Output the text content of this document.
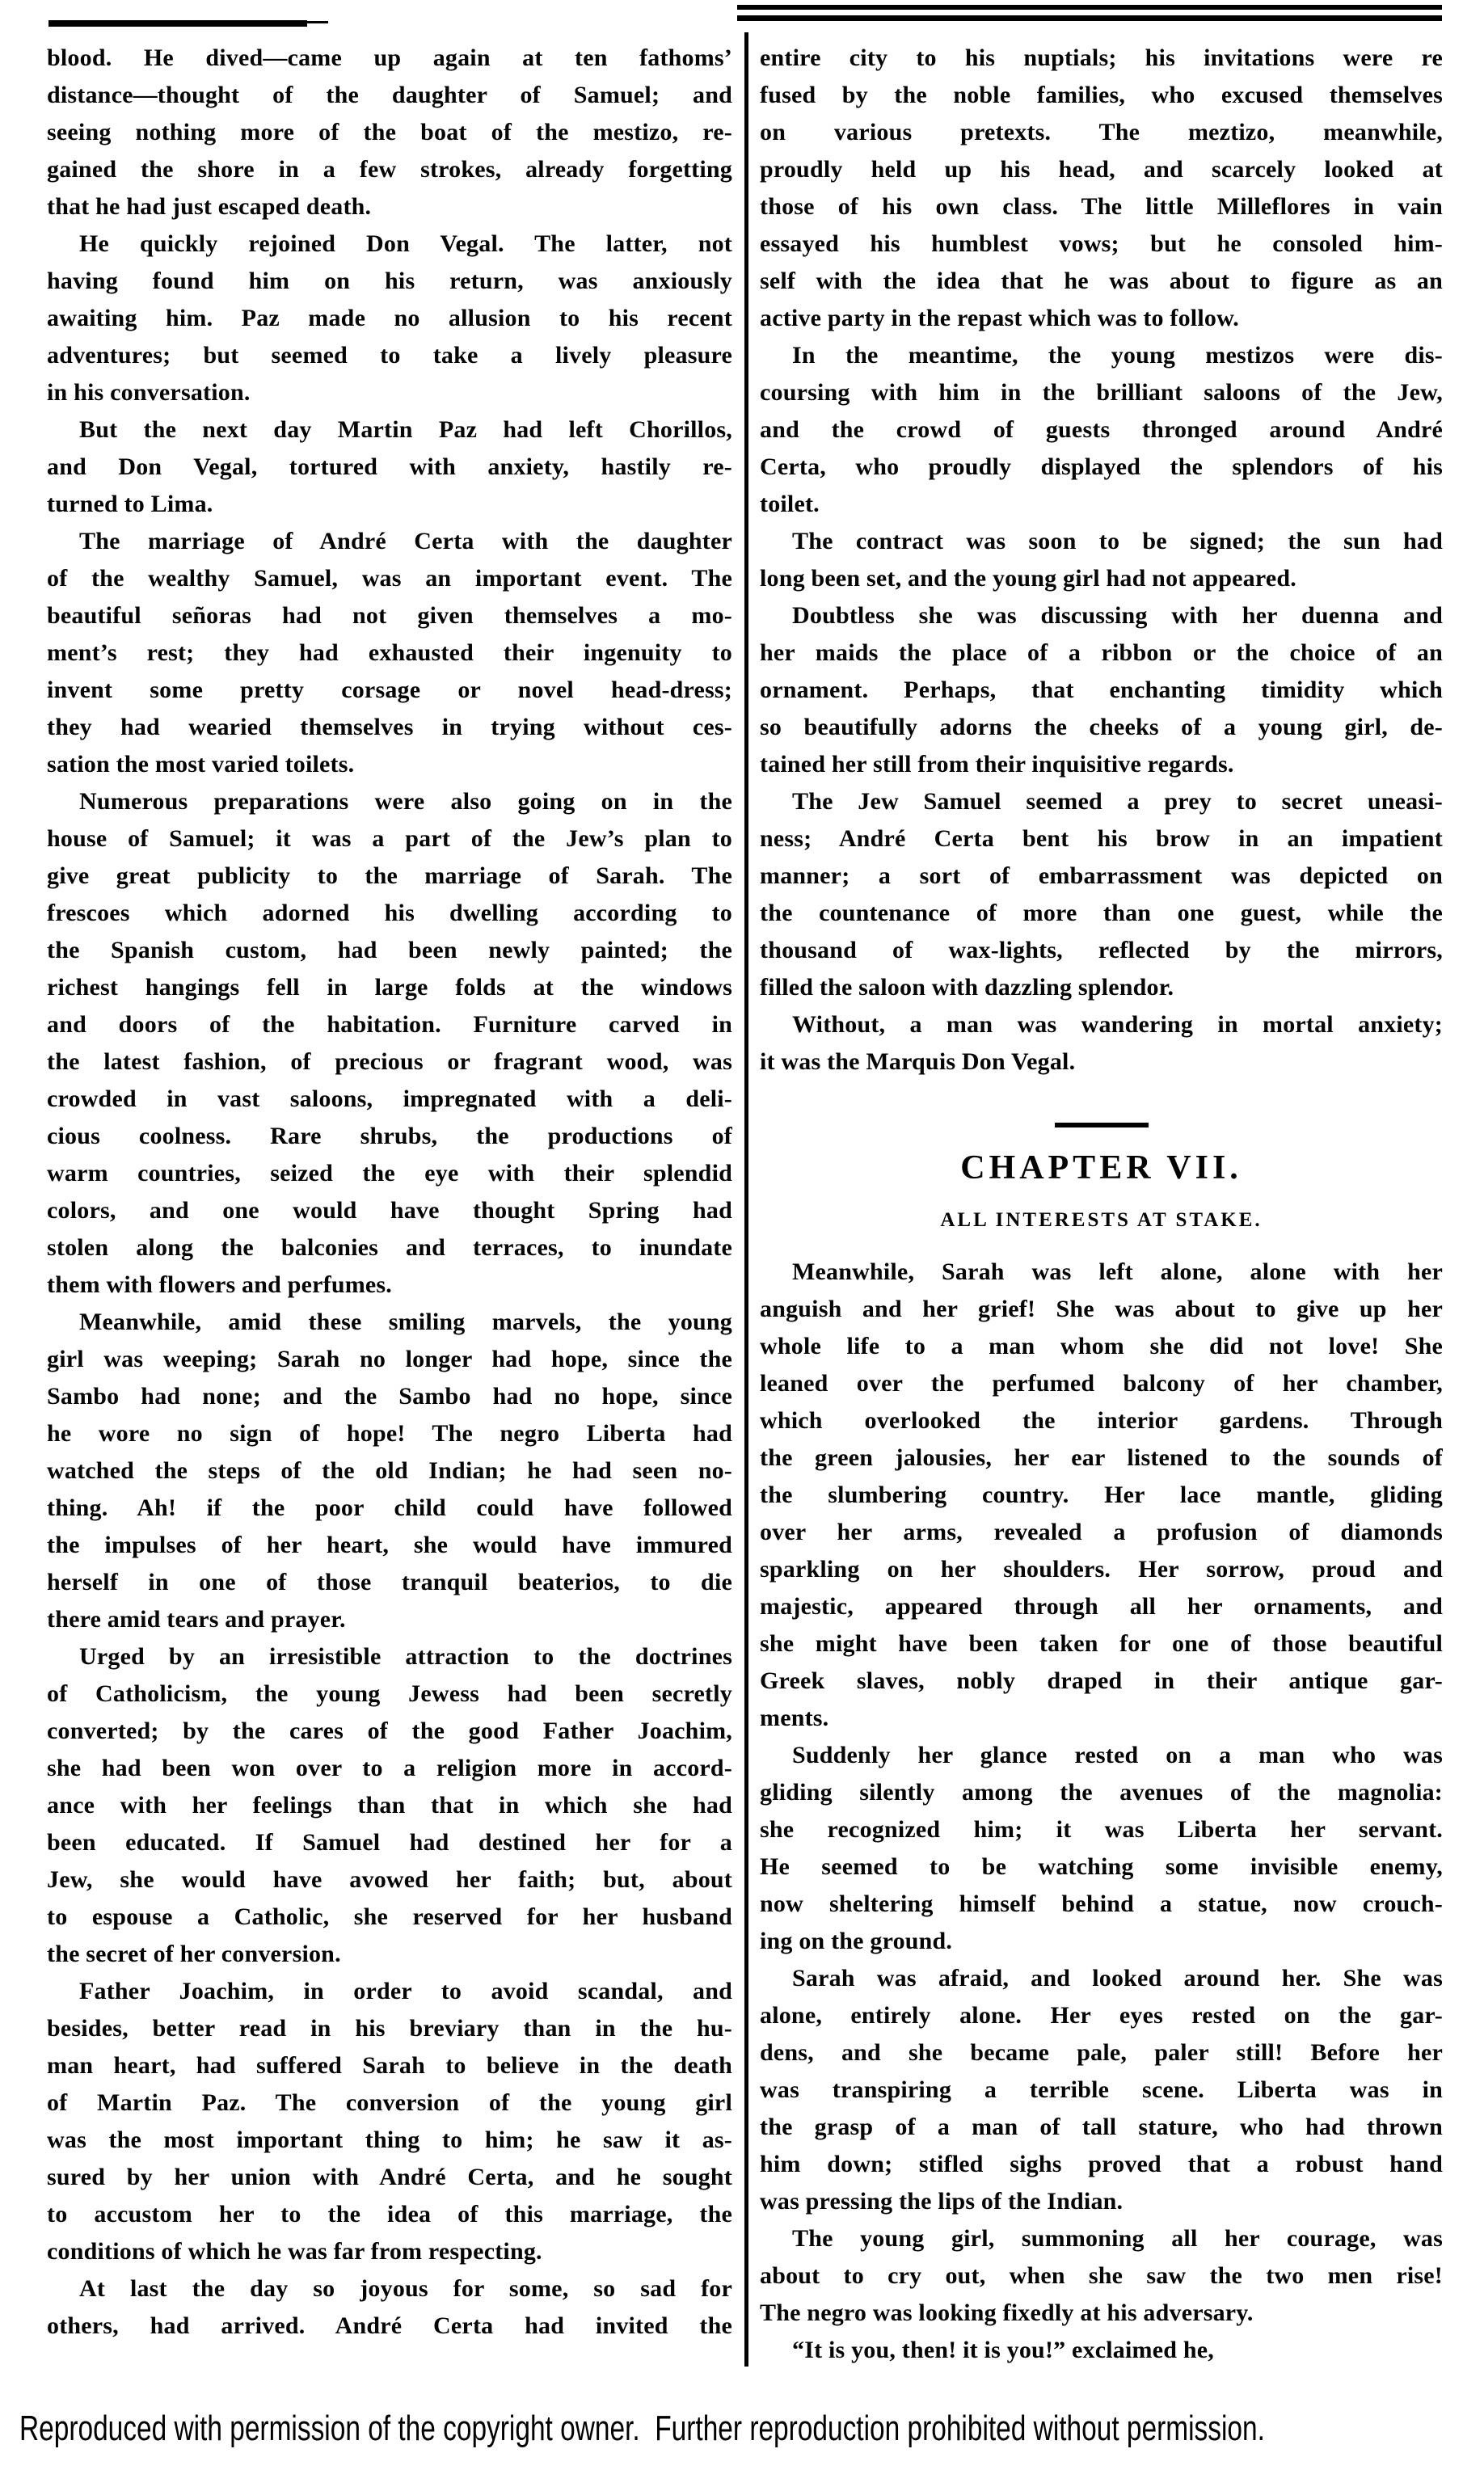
blood. He dived—came up again at ten fathoms’
distance—thought of the daughter of Samuel; and
seeing nothing more of the boat of the mestizo, re-
gained the shore in a few strokes, already forgetting
that he had just escaped death.
He quickly rejoined Don Vegal. The latter, not
having found him on his return, was anxiously
awaiting him. Paz made no allusion to his recent
adventures; but seemed to take a lively pleasure
in his conversation.
But the next day Martin Paz had left Chorillos,
and Don Vegal, tortured with anxiety, hastily re-
turned to Lima.
The marriage of André Certa with the daughter
of the wealthy Samuel, was an important event. The
beautiful señoras had not given themselves a mo-
ment’s rest; they had exhausted their ingenuity to
invent some pretty corsage or novel head-dress;
they had wearied themselves in trying without ces-
sation the most varied toilets.
Numerous preparations were also going on in the
house of Samuel; it was a part of the Jew’s plan to
give great publicity to the marriage of Sarah. The
frescoes which adorned his dwelling according to
the Spanish custom, had been newly painted; the
richest hangings fell in large folds at the windows
and doors of the habitation. Furniture carved in
the latest fashion, of precious or fragrant wood, was
crowded in vast saloons, impregnated with a deli-
cious coolness. Rare shrubs, the productions of
warm countries, seized the eye with their splendid
colors, and one would have thought Spring had
stolen along the balconies and terraces, to inundate
them with flowers and perfumes.
Meanwhile, amid these smiling marvels, the young
girl was weeping; Sarah no longer had hope, since the
Sambo had none; and the Sambo had no hope, since
he wore no sign of hope! The negro Liberta had
watched the steps of the old Indian; he had seen no-
thing. Ah! if the poor child could have followed
the impulses of her heart, she would have immured
herself in one of those tranquil beaterios, to die
there amid tears and prayer.
Urged by an irresistible attraction to the doctrines
of Catholicism, the young Jewess had been secretly
converted; by the cares of the good Father Joachim,
she had been won over to a religion more in accord-
ance with her feelings than that in which she had
been educated. If Samuel had destined her for a
Jew, she would have avowed her faith; but, about
to espouse a Catholic, she reserved for her husband
the secret of her conversion.
Father Joachim, in order to avoid scandal, and
besides, better read in his breviary than in the hu-
man heart, had suffered Sarah to believe in the death
of Martin Paz. The conversion of the young girl
was the most important thing to him; he saw it as-
sured by her union with André Certa, and he sought
to accustom her to the idea of this marriage, the
conditions of which he was far from respecting.
At last the day so joyous for some, so sad for
others, had arrived. André Certa had invited the
entire city to his nuptials; his invitations were re
fused by the noble families, who excused themselves
on various pretexts. The meztizo, meanwhile,
proudly held up his head, and scarcely looked at
those of his own class. The little Milleflores in vain
essayed his humblest vows; but he consoled him-
self with the idea that he was about to figure as an
active party in the repast which was to follow.
In the meantime, the young mestizos were dis-
coursing with him in the brilliant saloons of the Jew,
and the crowd of guests thronged around André
Certa, who proudly displayed the splendors of his
toilet.
The contract was soon to be signed; the sun had
long been set, and the young girl had not appeared.
Doubtless she was discussing with her duenna and
her maids the place of a ribbon or the choice of an
ornament. Perhaps, that enchanting timidity which
so beautifully adorns the cheeks of a young girl, de-
tained her still from their inquisitive regards.
The Jew Samuel seemed a prey to secret uneasi-
ness; André Certa bent his brow in an impatient
manner; a sort of embarrassment was depicted on
the countenance of more than one guest, while the
thousand of wax-lights, reflected by the mirrors,
filled the saloon with dazzling splendor.
Without, a man was wandering in mortal anxiety;
it was the Marquis Don Vegal.
CHAPTER VII.
ALL INTERESTS AT STAKE.
Meanwhile, Sarah was left alone, alone with her
anguish and her grief! She was about to give up her
whole life to a man whom she did not love! She
leaned over the perfumed balcony of her chamber,
which overlooked the interior gardens. Through
the green jalousies, her ear listened to the sounds of
the slumbering country. Her lace mantle, gliding
over her arms, revealed a profusion of diamonds
sparkling on her shoulders. Her sorrow, proud and
majestic, appeared through all her ornaments, and
she might have been taken for one of those beautiful
Greek slaves, nobly draped in their antique gar-
ments.
Suddenly her glance rested on a man who was
gliding silently among the avenues of the magnolia:
she recognized him; it was Liberta her servant.
He seemed to be watching some invisible enemy,
now sheltering himself behind a statue, now crouch-
ing on the ground.
Sarah was afraid, and looked around her. She was
alone, entirely alone. Her eyes rested on the gar-
dens, and she became pale, paler still! Before her
was transpiring a terrible scene. Liberta was in
the grasp of a man of tall stature, who had thrown
him down; stifled sighs proved that a robust hand
was pressing the lips of the Indian.
The young girl, summoning all her courage, was
about to cry out, when she saw the two men rise!
The negro was looking fixedly at his adversary.
“It is you, then! it is you!” exclaimed he,
Reproduced with permission of the copyright owner.  Further reproduction prohibited without permission.
